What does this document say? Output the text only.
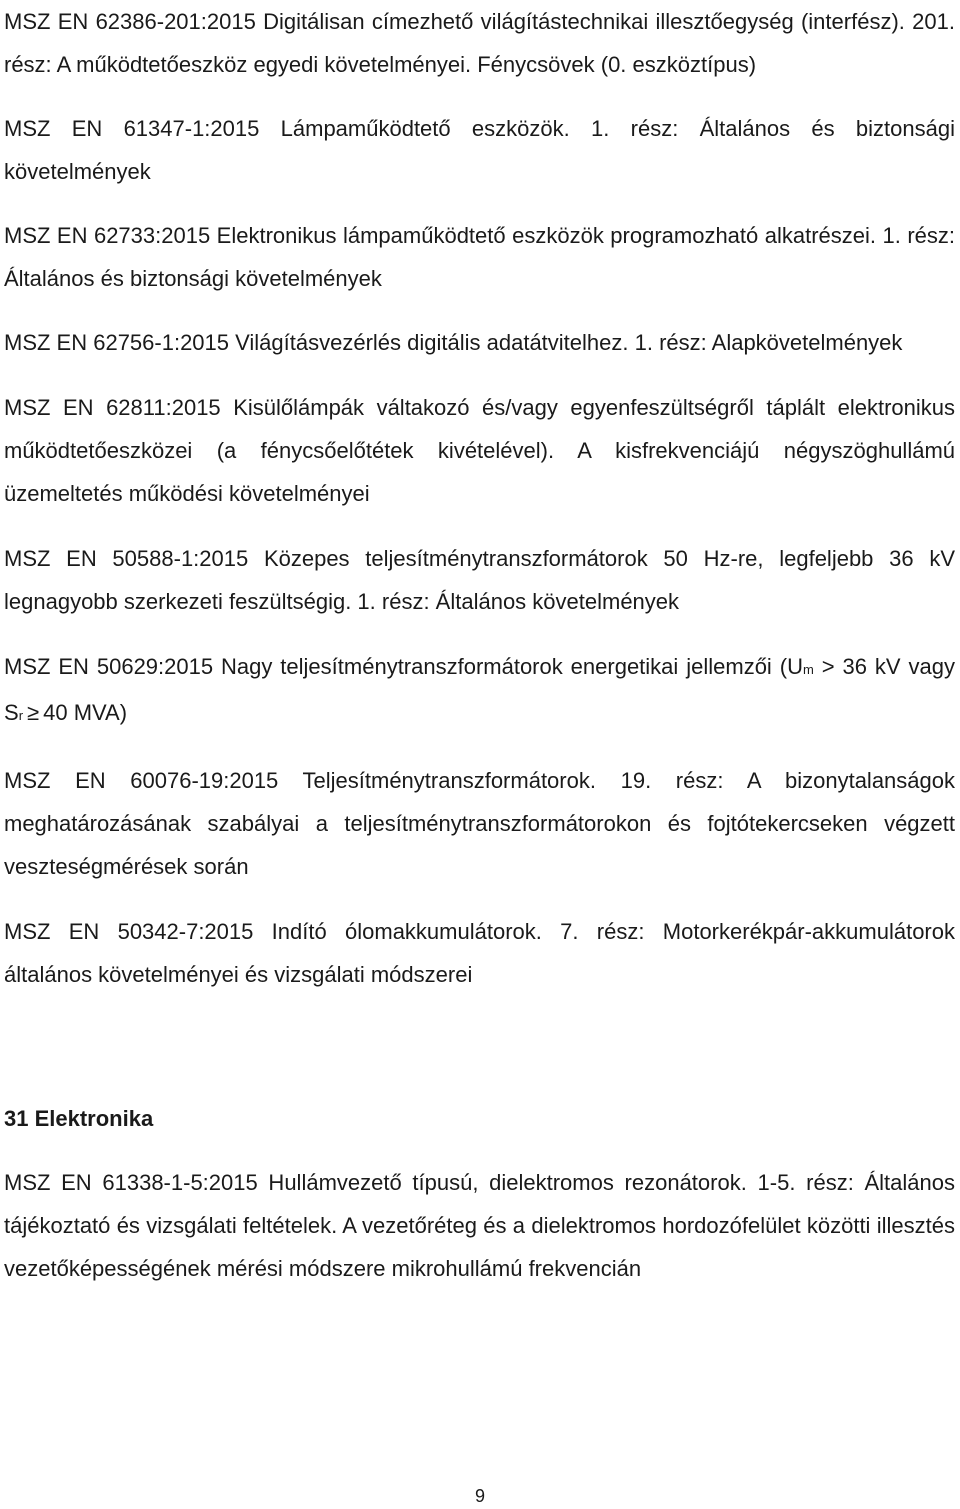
MSZ EN 62386-201:2015 Digitálisan címezhető világítástechnikai illesztőegység (interfész). 201. rész: A működtetőeszköz egyedi követelményei. Fénycsövek (0. eszköztípus)

MSZ EN 61347-1:2015 Lámpaműködtető eszközök. 1. rész: Általános és biztonsági követelmények

MSZ EN 62733:2015 Elektronikus lámpaműködtető eszközök programozható alkatrészei. 1. rész: Általános és biztonsági követelmények

MSZ EN 62756-1:2015 Világításvezérlés digitális adatátvitelhez. 1. rész: Alapkövetelmények

MSZ EN 62811:2015 Kisülőlámpák váltakozó és/vagy egyenfeszültségről táplált elektronikus működtetőeszközei (a fénycsőelőtétek kivételével). A kisfrekvenciájú négyszöghullámú üzemeltetés működési követelményei

MSZ EN 50588-1:2015 Közepes teljesítménytranszformátorok 50 Hz-re, legfeljebb 36 kV legnagyobb szerkezeti feszültségig. 1. rész: Általános követelmények

MSZ EN 50629:2015 Nagy teljesítménytranszformátorok energetikai jellemzői (Um > 36 kV vagy Sr ≥ 40 MVA)

MSZ EN 60076-19:2015 Teljesítménytranszformátorok. 19. rész: A bizonytalanságok meghatározásának szabályai a teljesítménytranszformátorokon és fojtótekercseken végzett veszteségmérések során

MSZ EN 50342-7:2015 Indító ólomakkumulátorok. 7. rész: Motorkerékpár-akkumulátorok általános követelményei és vizsgálati módszerei

31 Elektronika

MSZ EN 61338-1-5:2015 Hullámvezető típusú, dielektromos rezonátorok. 1-5. rész: Általános tájékoztató és vizsgálati feltételek. A vezetőréteg és a dielektromos hordozófelület közötti illesztés vezetőképességének mérési módszere mikrohullámú frekvencián

9
